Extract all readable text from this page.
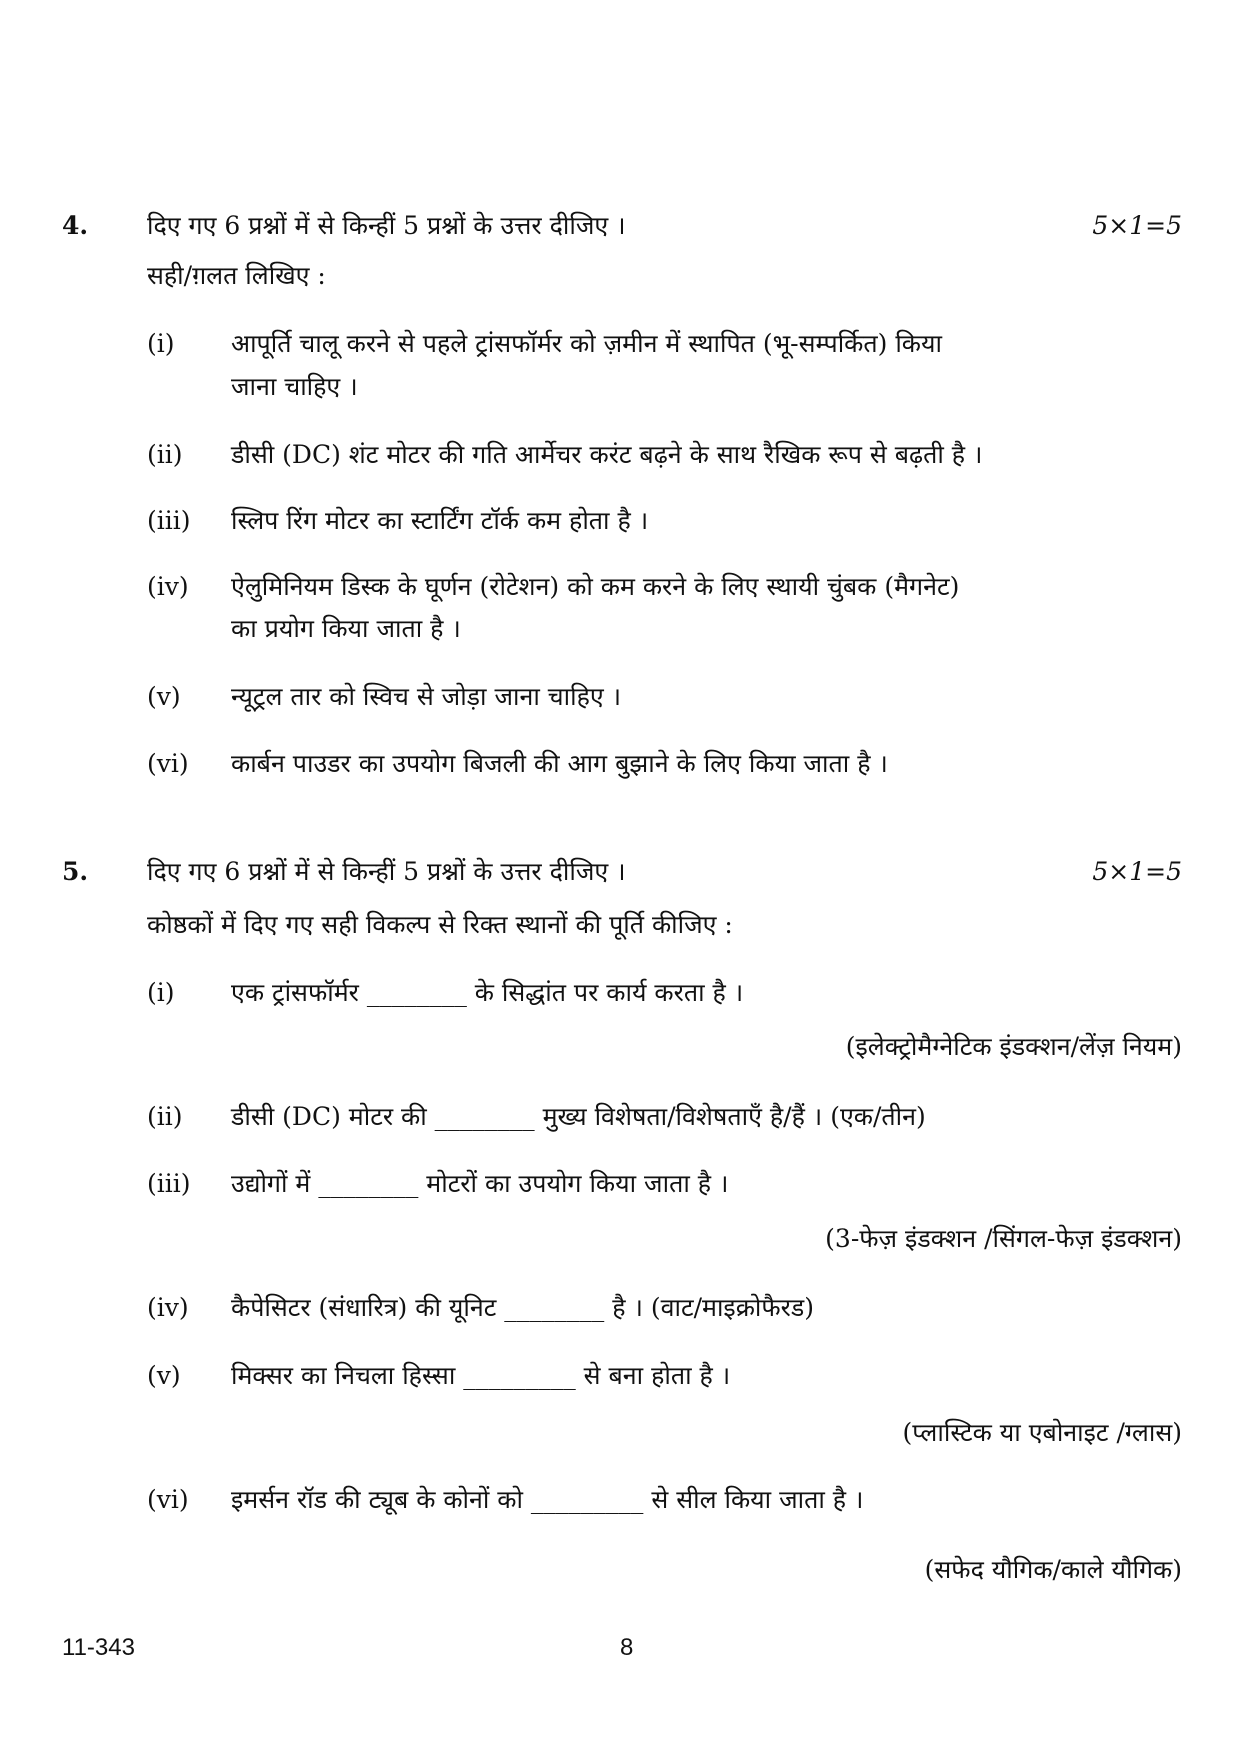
4. दिए गए 6 प्रश्नों में से किन्हीं 5 प्रश्नों के उत्तर दीजिए ।	5×1=5
सही/ग़लत लिखिए :
(i) आपूर्ति चालू करने से पहले ट्रांसफॉर्मर को ज़मीन में स्थापित (भू-सम्पर्कित) किया
जाना चाहिए ।
(ii) डीसी (DC) शंट मोटर की गति आर्मेचर करंट बढ़ने के साथ रैखिक रूप से बढ़ती है ।
(iii) स्लिप रिंग मोटर का स्टार्टिंग टॉर्क कम होता है ।
(iv) ऐलुमिनियम डिस्क के घूर्णन (रोटेशन) को कम करने के लिए स्थायी चुंबक (मैगनेट)
का प्रयोग किया जाता है ।
(v) न्यूट्रल तार को स्विच से जोड़ा जाना चाहिए ।
(vi) कार्बन पाउडर का उपयोग बिजली की आग बुझाने के लिए किया जाता है ।
5. दिए गए 6 प्रश्नों में से किन्हीं 5 प्रश्नों के उत्तर दीजिए ।	5×1=5
कोष्ठकों में दिए गए सही विकल्प से रिक्त स्थानों की पूर्ति कीजिए :
(i) एक ट्रांसफॉर्मर ________ के सिद्धांत पर कार्य करता है ।
(इलेक्ट्रोमैग्नेटिक इंडक्शन/लेंज़ नियम)
(ii) डीसी (DC) मोटर की ________ मुख्य विशेषता/विशेषताएँ है/हैं । (एक/तीन)
(iii) उद्योगों में ________ मोटरों का उपयोग किया जाता है ।
(3-फेज़ इंडक्शन /सिंगल-फेज़ इंडक्शन)
(iv) कैपेसिटर (संधारित्र) की यूनिट ________ है । (वाट/माइक्रोफैरड)
(v) मिक्सर का निचला हिस्सा _________ से बना होता है ।
(प्लास्टिक या एबोनाइट /ग्लास)
(vi) इमर्सन रॉड की ट्यूब के कोनों को _________ से सील किया जाता है ।
(सफेद यौगिक/काले यौगिक)
11-343	8
